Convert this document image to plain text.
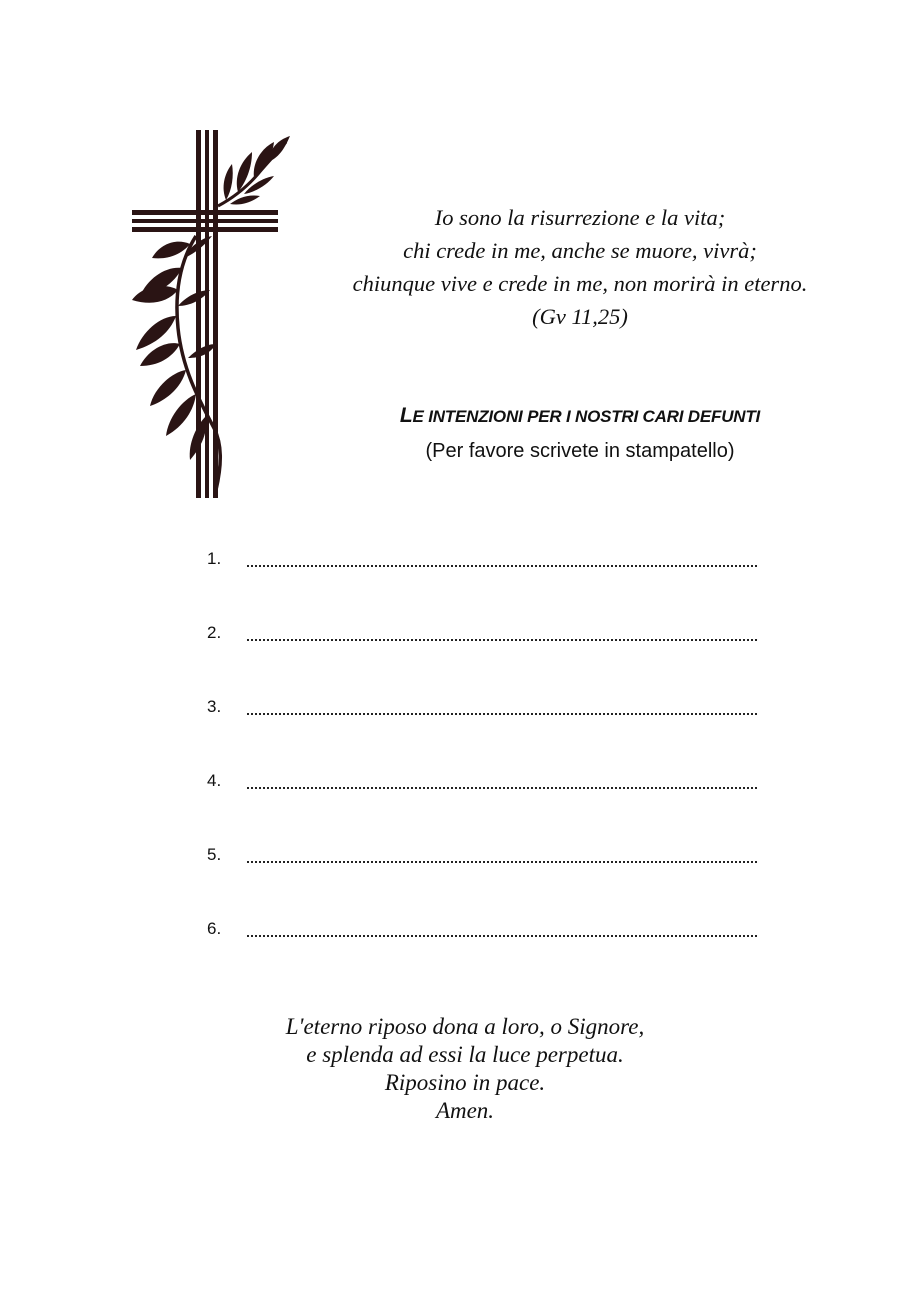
Io sono la risurrezione e la vita;
chi crede in me, anche se muore, vivrà;
chiunque vive e crede in me, non morirà in eterno.
(Gv 11,25)
LE INTENZIONI PER I NOSTRI CARI DEFUNTI
(Per favore scrivete in stampatello)
1.
2.
3.
4.
5.
6.
L'eterno riposo dona a loro, o Signore,
e splenda ad essi la luce perpetua.
Riposino in pace.
Amen.
